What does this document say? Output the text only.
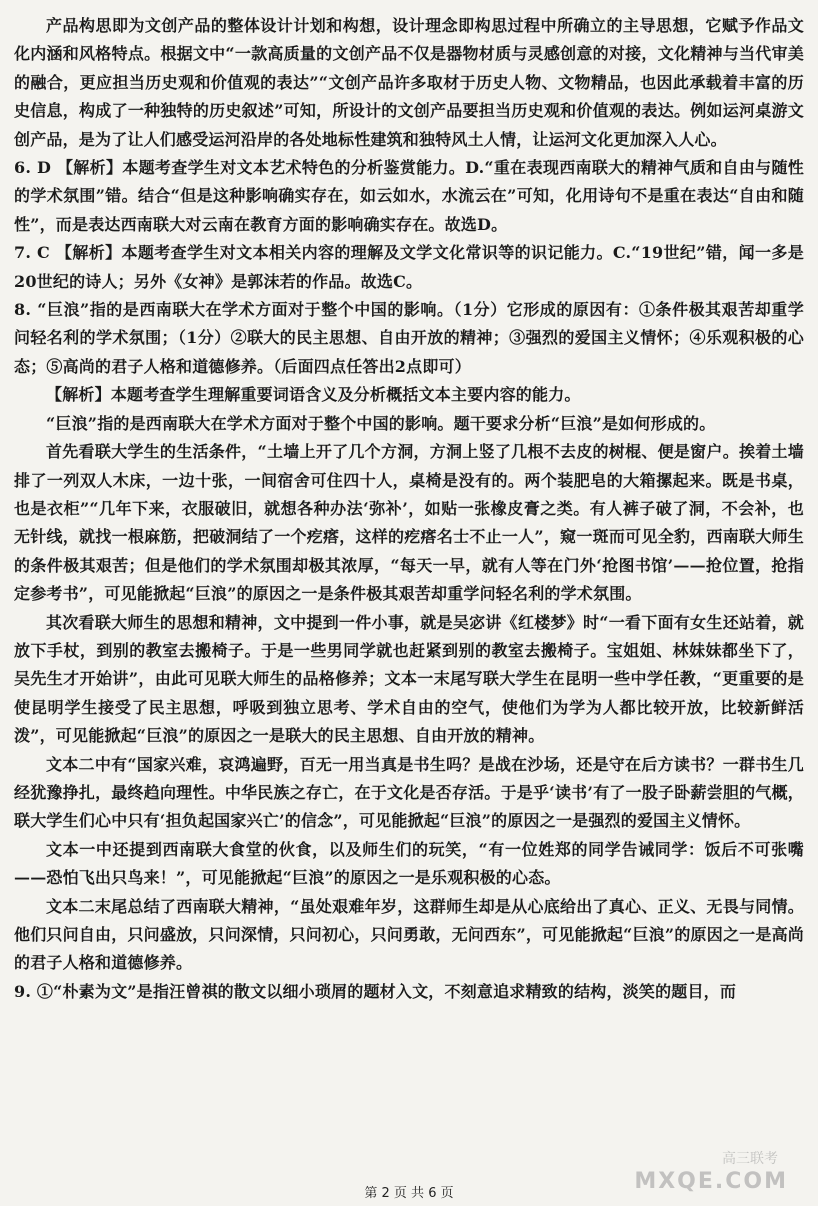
产品构思即为文创产品的整体设计计划和构想，设计理念即构思过程中所确立的主导思想，它赋予作品文化内涵和风格特点。根据文中“一款高质量的文创产品不仅是器物材质与灵感创意的对接，文化精神与当代审美的融合，更应担当历史观和价值观的表达”“文创产品许多取材于历史人物、文物精品，也因此承载着丰富的历史信息，构成了一种独特的历史叙述”可知，所设计的文创产品要担当历史观和价值观的表达。例如运河桌游文创产品，是为了让人们感受运河沿岸的各处地标性建筑和独特风土人情，让运河文化更加深入人心。

6. D 【解析】本题考查学生对文本艺术特色的分析鉴赏能力。D.“重在表现西南联大的精神气质和自由与随性的学术氛围”错。结合“但是这种影响确实存在，如云如水，水流云在”可知，化用诗句不是重在表达“自由和随性”，而是表达西南联大对云南在教育方面的影响确实存在。故选D。

7. C 【解析】本题考查学生对文本相关内容的理解及文学文化常识等的识记能力。C.“19世纪”错，闻一多是20世纪的诗人；另外《女神》是郭沫若的作品。故选C。

8. “巨浪”指的是西南联大在学术方面对于整个中国的影响。（1分）它形成的原因有：①条件极其艰苦却重学问轻名利的学术氛围；（1分）②联大的民主思想、自由开放的精神；③强烈的爱国主义情怀；④乐观积极的心态；⑤高尚的君子人格和道德修养。（后面四点任答出2点即可）

【解析】本题考查学生理解重要词语含义及分析概括文本主要内容的能力。

“巨浪”指的是西南联大在学术方面对于整个中国的影响。题干要求分析“巨浪”是如何形成的。

首先看联大学生的生活条件，“土墙上开了几个方洞，方洞上竖了几根不去皮的树棍、便是窗户。挨着土墙排了一列双人木床，一边十张，一间宿舍可住四十人，桌椅是没有的。两个装肥皂的大箱摞起来。既是书桌，也是衣柜”“几年下来，衣服破旧，就想各种办法‘弥补’，如贴一张橡皮膏之类。有人裤子破了洞，不会补，也无针线，就找一根麻筋，把破洞结了一个疙瘩，这样的疙瘩名士不止一人”，窥一斑而可见全豹，西南联大师生的条件极其艰苦；但是他们的学术氛围却极其浓厚，“每天一早，就有人等在门外‘抢图书馆’——抢位置，抢指定参考书”，可见能掀起“巨浪”的原因之一是条件极其艰苦却重学问轻名利的学术氛围。

其次看联大师生的思想和精神，文中提到一件小事，就是吴宓讲《红楼梦》时“一看下面有女生还站着，就放下手杖，到别的教室去搬椅子。于是一些男同学就也赶紧到别的教室去搬椅子。宝姐姐、林妹妹都坐下了，吴先生才开始讲”，由此可见联大师生的品格修养；文本一末尾写联大学生在昆明一些中学任教，“更重要的是使昆明学生接受了民主思想，呼吸到独立思考、学术自由的空气，使他们为学为人都比较开放，比较新鲜活泼”，可见能掀起“巨浪”的原因之一是联大的民主思想、自由开放的精神。

文本二中有“国家兴难，哀鸿遍野，百无一用当真是书生吗？是战在沙场，还是守在后方读书？一群书生几经犹豫挣扎，最终趋向理性。中华民族之存亡，在于文化是否存活。于是乎‘读书’有了一股子卧薪尝胆的气概，联大学生们心中只有‘担负起国家兴亡’的信念”，可见能掀起“巨浪”的原因之一是强烈的爱国主义情怀。

文本一中还提到西南联大食堂的伙食，以及师生们的玩笑，“有一位姓郑的同学告诫同学：饭后不可张嘴——恐怕飞出只鸟来！”，可见能掀起“巨浪”的原因之一是乐观积极的心态。

文本二末尾总结了西南联大精神，“虽处艰难年岁，这群师生却是从心底给出了真心、正义、无畏与同情。他们只问自由，只问盛放，只问深情，只问初心，只问勇敢，无问西东”，可见能掀起“巨浪”的原因之一是高尚的君子人格和道德修养。

9. ①“朴素为文”是指汪曾祺的散文以细小琐屑的题材入文，不刻意追求精致的结构，淡笑的题目，而

第 2 页 共 6 页
高三联考
MXQE.COM
